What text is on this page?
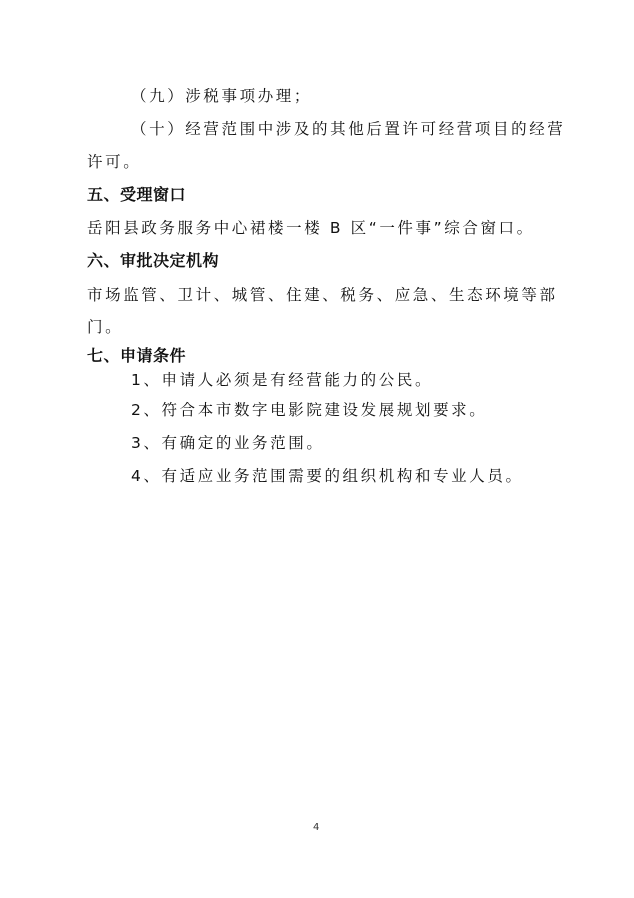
（九）涉税事项办理；
（十）经营范围中涉及的其他后置许可经营项目的经营
许可。
五、受理窗口
岳阳县政务服务中心裙楼一楼 B 区“一件事”综合窗口。
六、审批决定机构
市场监管、卫计、城管、住建、税务、应急、生态环境等部
门。
七、申请条件
1、申请人必须是有经营能力的公民。
2、符合本市数字电影院建设发展规划要求。
3、有确定的业务范围。
4、有适应业务范围需要的组织机构和专业人员。
4
